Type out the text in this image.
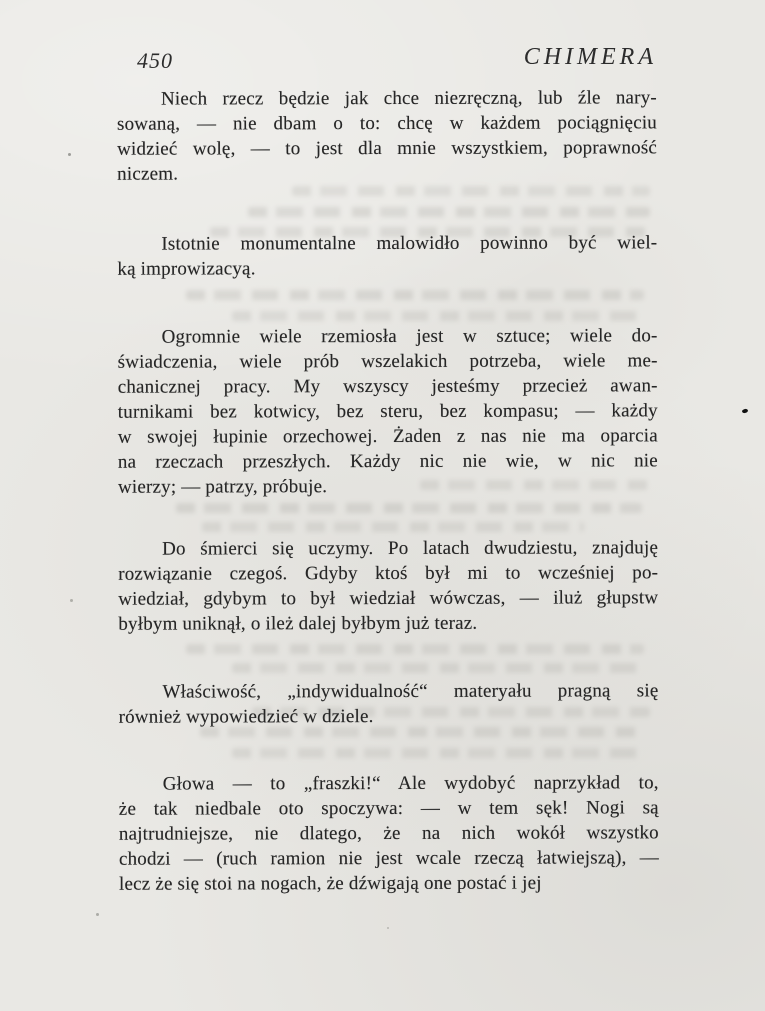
450	CHIMERA
Niech rzecz będzie jak chce niezręczną, lub źle nary-
sowaną, — nie dbam o to: chcę w każdem pociągnięciu
widzieć wolę, — to jest dla mnie wszystkiem, poprawność
niczem.
Istotnie monumentalne malowidło powinno być wiel-
ką improwizacyą.
Ogromnie wiele rzemiosła jest w sztuce; wiele do-
świadczenia, wiele prób wszelakich potrzeba, wiele me-
chanicznej pracy. My wszyscy jesteśmy przecież awan-
turnikami bez kotwicy, bez steru, bez kompasu; — każdy
w swojej łupinie orzechowej. Żaden z nas nie ma oparcia
na rzeczach przeszłych. Każdy nic nie wie, w nic nie
wierzy; — patrzy, próbuje.
Do śmierci się uczymy. Po latach dwudziestu, znajduję
rozwiązanie czegoś. Gdyby ktoś był mi to wcześniej po-
wiedział, gdybym to był wiedział wówczas, — iluż głupstw
byłbym uniknął, o ileż dalej byłbym już teraz.
Właściwość, „indywidualność“ materyału pragną się
również wypowiedzieć w dziele.
Głowa — to „fraszki!“ Ale wydobyć naprzykład to,
że tak niedbale oto spoczywa: — w tem sęk! Nogi są
najtrudniejsze, nie dlatego, że na nich wokół wszystko
chodzi — (ruch ramion nie jest wcale rzeczą łatwiejszą), —
lecz że się stoi na nogach, że dźwigają one postać i jej
